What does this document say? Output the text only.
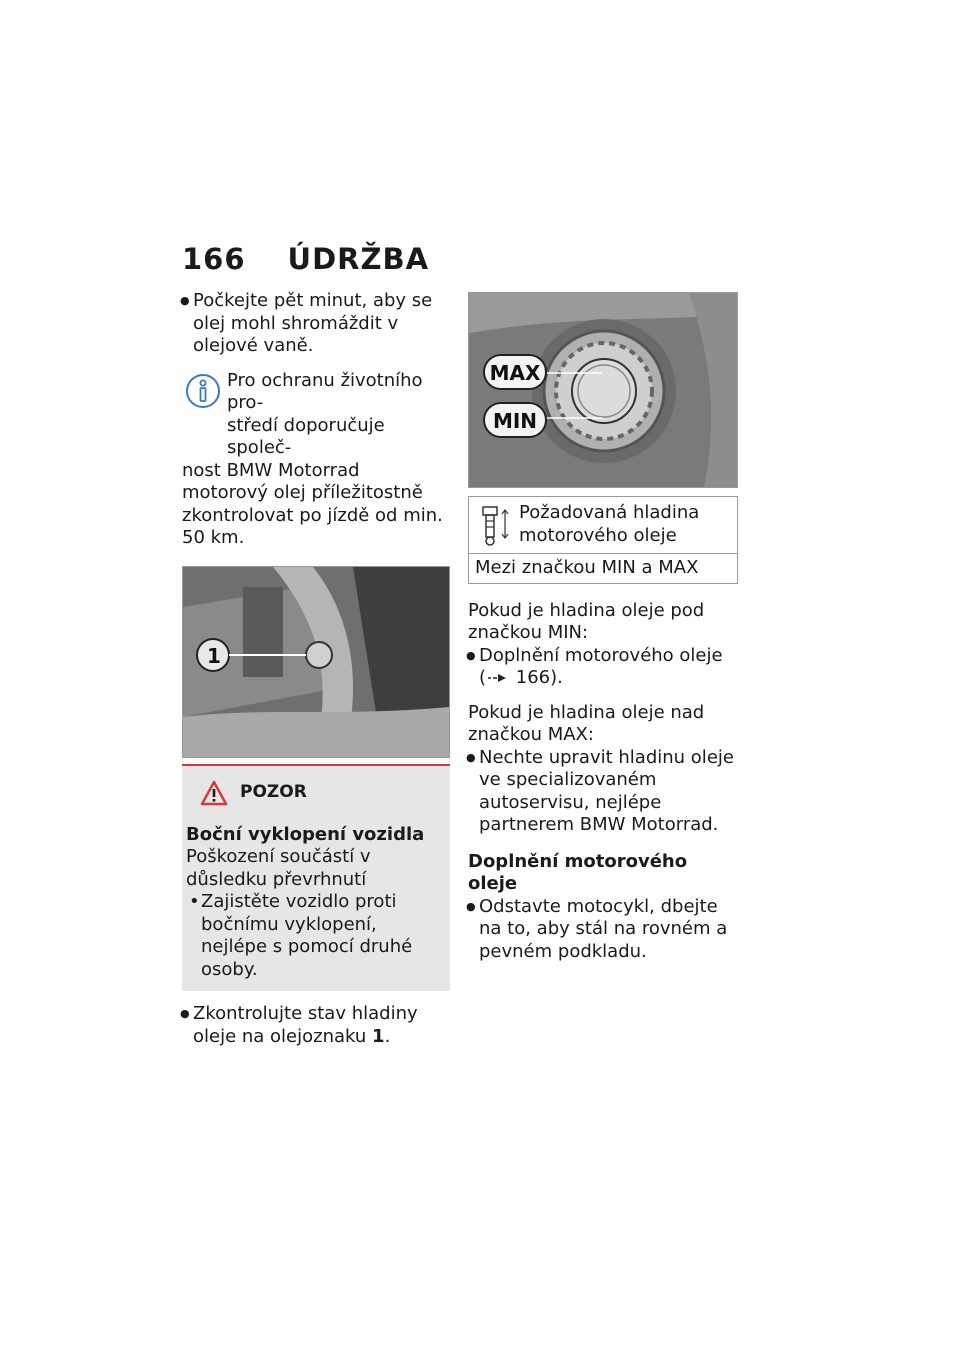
166 ÚDRŽBA
● Počkejte pět minut, aby se olej mohl shromáždit v olejové vaně.
Pro ochranu životního pro-
středí doporučuje společ-
nost BMW Motorrad motorový olej příležitostně zkontrolovat po jízdě od min. 50 km.
1
POZOR
Boční vyklopení vozidla
Poškození součástí v důsledku převrhnutí
• Zajistěte vozidlo proti bočnímu vyklopení, nejlépe s pomocí druhé osoby.
● Zkontrolujte stav hladiny oleje na olejoznaku 1.
MAX
MIN
Požadovaná hladina motorového oleje
Mezi značkou MIN a MAX

Pokud je hladina oleje pod značkou MIN:

● Doplnění motorového oleje
( 166).

Pokud je hladina oleje nad značkou MAX:

● Nechte upravit hladinu oleje ve specializovaném autoservisu, nejlépe partnerem BMW Motorrad.
Doplnění motorového oleje
● Odstavte motocykl, dbejte na to, aby stál na rovném a pevném podkladu.
